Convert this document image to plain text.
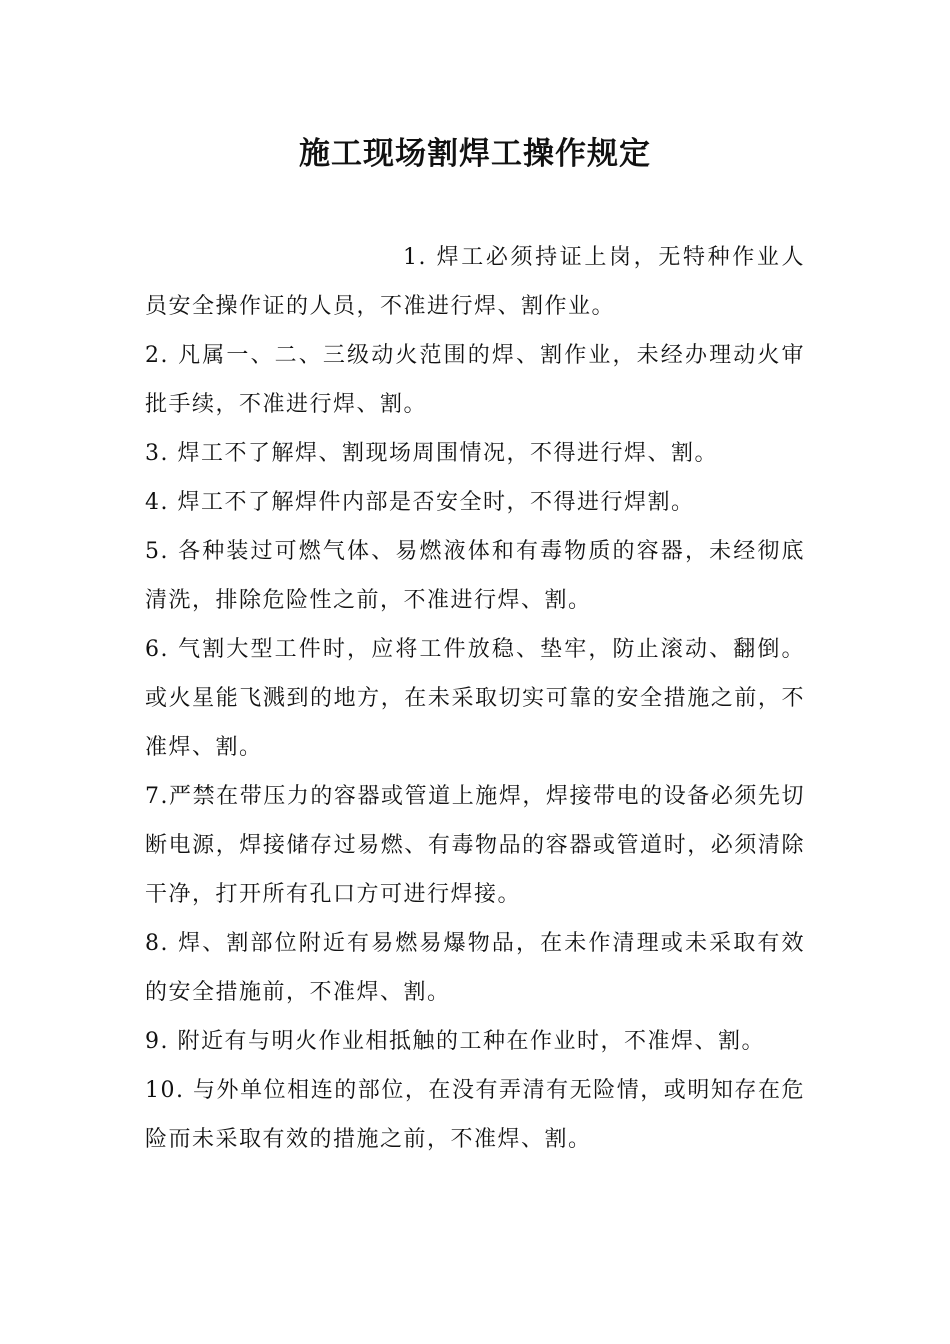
施工现场割焊工操作规定

1. 焊工必须持证上岗，无特种作业人员安全操作证的人员，不准进行焊、割作业。

2. 凡属一、二、三级动火范围的焊、割作业，未经办理动火审批手续，不准进行焊、割。

3. 焊工不了解焊、割现场周围情况，不得进行焊、割。

4. 焊工不了解焊件内部是否安全时，不得进行焊割。

5. 各种装过可燃气体、易燃液体和有毒物质的容器，未经彻底清洗，排除危险性之前，不准进行焊、割。

6. 气割大型工件时，应将工件放稳、垫牢，防止滚动、翻倒。或火星能飞溅到的地方，在未采取切实可靠的安全措施之前，不准焊、割。

7.严禁在带压力的容器或管道上施焊，焊接带电的设备必须先切断电源，焊接储存过易燃、有毒物品的容器或管道时，必须清除干净，打开所有孔口方可进行焊接。

8. 焊、割部位附近有易燃易爆物品，在未作清理或未采取有效的安全措施前，不准焊、割。

9. 附近有与明火作业相抵触的工种在作业时，不准焊、割。

10. 与外单位相连的部位，在没有弄清有无险情，或明知存在危险而未采取有效的措施之前，不准焊、割。
